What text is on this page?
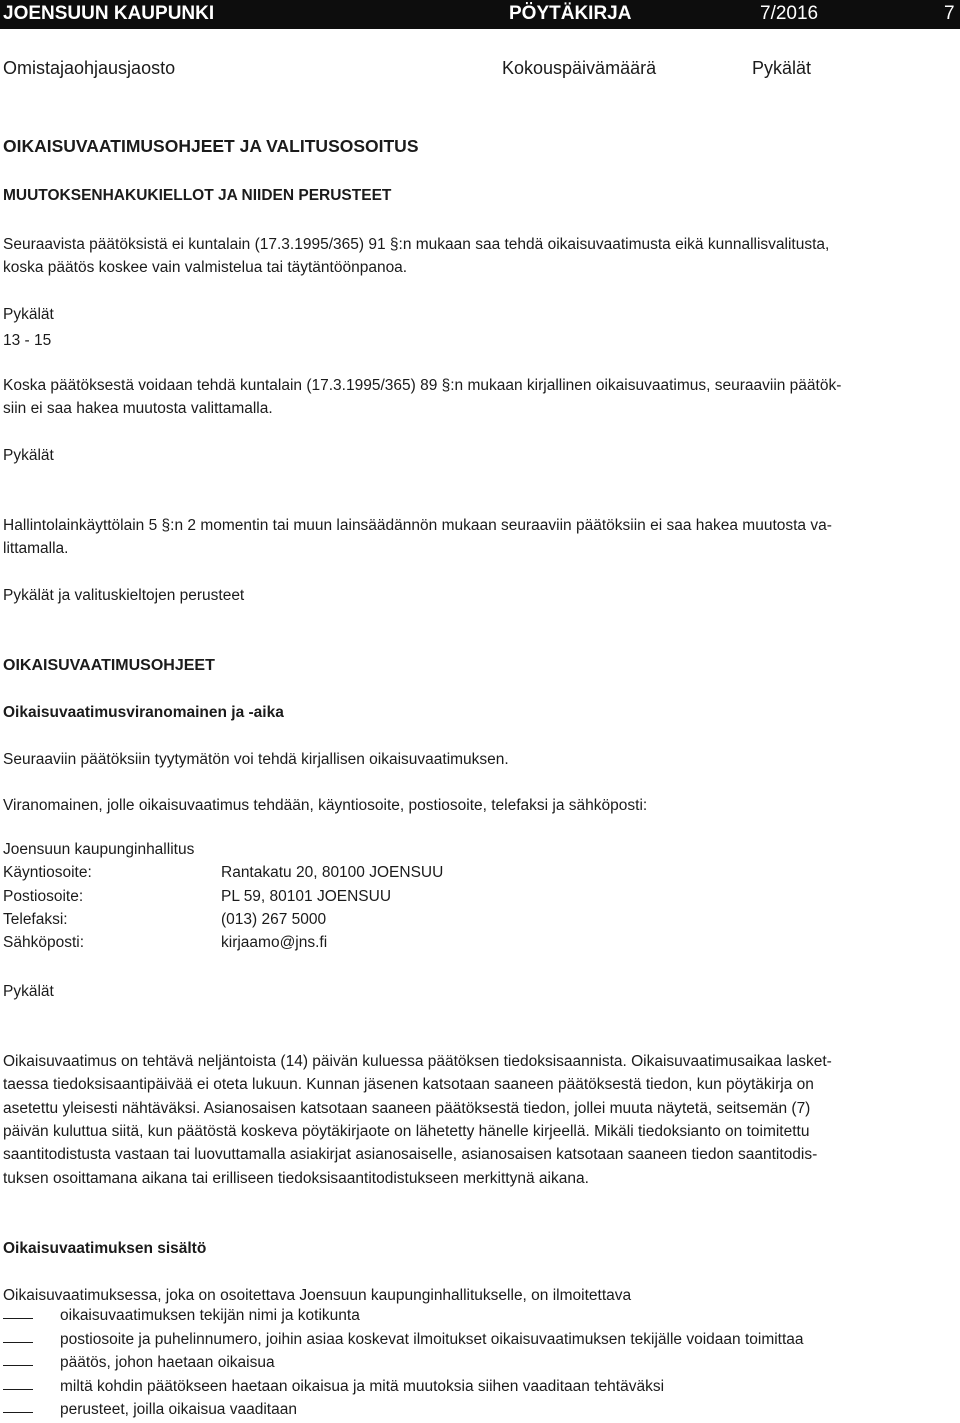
JOENSUUN KAUPUNKI	PÖYTÄKIRJA	7/2016	7
Omistajaohjausjaosto	Kokouspäivämäärä	Pykälät
OIKAISUVAATIMUSOHJEET JA VALITUSOSOITUS
MUUTOKSENHAKUKIELLOT JA NIIDEN PERUSTEET
Seuraavista päätöksistä ei kuntalain (17.3.1995/365) 91 §:n mukaan saa tehdä oikaisuvaatimusta eikä kunnallisvalitusta,
koska päätös koskee vain valmistelua tai täytäntöönpanoa.
Pykälät
13 - 15
Koska päätöksestä voidaan tehdä kuntalain (17.3.1995/365) 89 §:n mukaan kirjallinen oikaisuvaatimus, seuraaviin päätök-
siin ei saa hakea muutosta valittamalla.
Pykälät
Hallintolainkäyttölain 5 §:n 2 momentin tai muun lainsäädännön mukaan seuraaviin päätöksiin ei saa hakea muutosta va-
littamalla.
Pykälät ja valituskieltojen perusteet
OIKAISUVAATIMUSOHJEET
Oikaisuvaatimusviranomainen ja -aika
Seuraaviin päätöksiin tyytymätön voi tehdä kirjallisen oikaisuvaatimuksen.
Viranomainen, jolle oikaisuvaatimus tehdään, käyntiosoite, postiosoite, telefaksi ja sähköposti:
Joensuun kaupunginhallitus
Käyntiosoite:	Rantakatu 20, 80100 JOENSUU
Postiosoite:	PL 59, 80101 JOENSUU
Telefaksi:	(013) 267 5000
Sähköposti:	kirjaamo@jns.fi
Pykälät
Oikaisuvaatimus on tehtävä neljäntoista (14) päivän kuluessa päätöksen tiedoksisaannista. Oikaisuvaatimusaikaa lasket-
taessa tiedoksisaantipäivää ei oteta lukuun. Kunnan jäsenen katsotaan saaneen päätöksestä tiedon, kun pöytäkirja on
asetettu yleisesti nähtäväksi. Asianosaisen katsotaan saaneen päätöksestä tiedon, jollei muuta näytetä, seitsemän (7)
päivän kuluttua siitä, kun päätöstä koskeva pöytäkirjaote on lähetetty hänelle kirjeellä. Mikäli tiedoksianto on toimitettu
saantitodistusta vastaan tai luovuttamalla asiakirjat asianosaiselle, asianosaisen katsotaan saaneen tiedon saantitodis-
tuksen osoittamana aikana tai erilliseen tiedoksisaantitodistukseen merkittynä aikana.
Oikaisuvaatimuksen sisältö
Oikaisuvaatimuksessa, joka on osoitettava Joensuun kaupunginhallitukselle, on ilmoitettava
oikaisuvaatimuksen tekijän nimi ja kotikunta
postiosoite ja puhelinnumero, joihin asiaa koskevat ilmoitukset oikaisuvaatimuksen tekijälle voidaan toimittaa
päätös, johon haetaan oikaisua
miltä kohdin päätökseen haetaan oikaisua ja mitä muutoksia siihen vaaditaan tehtäväksi
perusteet, joilla oikaisua vaaditaan
